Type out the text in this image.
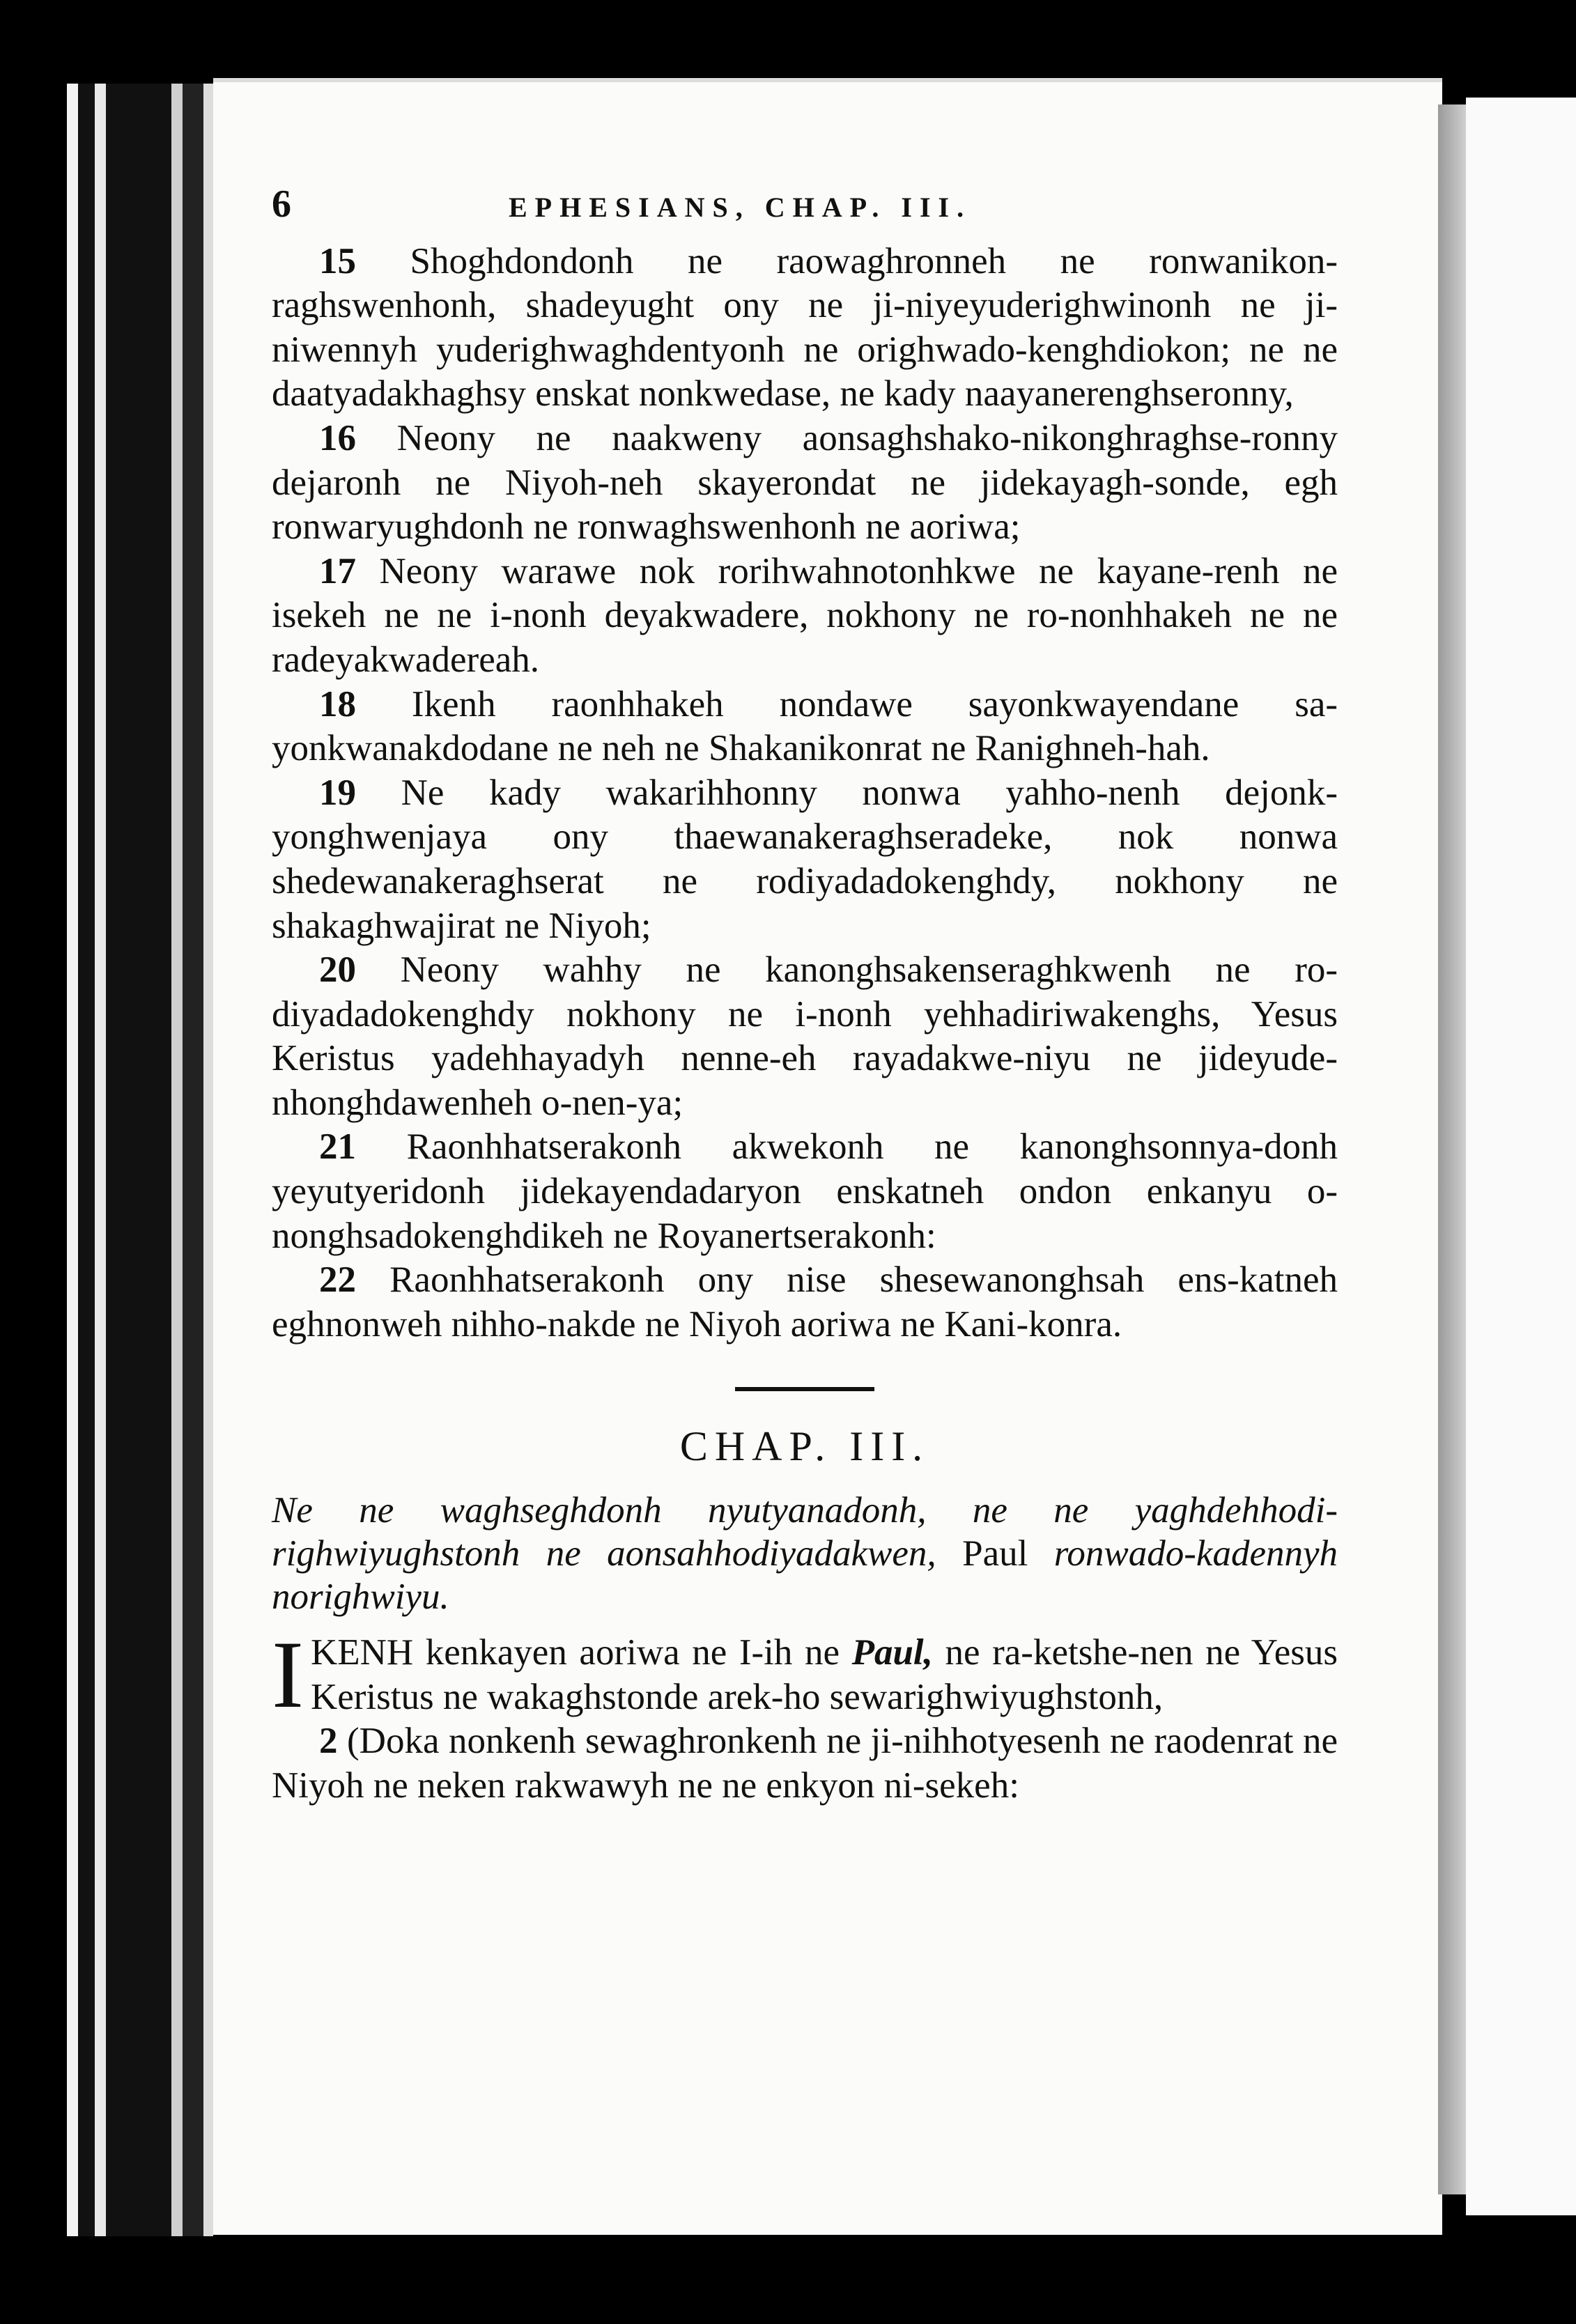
6	EPHESIANS, CHAP. III.

15 Shoghdondonh ne raowaghronneh ne ronwanikon-raghswenhonh, shadeyught ony ne ji-niyeyuderighwinonh ne ji-niwennyh yuderighwaghdentyonh ne orighwado-kenghdiokon; ne ne daatyadakhaghsy enskat nonkwedase, ne kady naayanerenghseronny,

16 Neony ne naakweny aonsaghshako-nikonghraghse-ronny dejaronh ne Niyoh-neh skayerondat ne jidekayagh-sonde, egh ronwaryughdonh ne ronwaghswenhonh ne aoriwa;

17 Neony warawe nok rorihwahnotonhkwe ne kayane-renh ne isekeh ne ne i-nonh deyakwadere, nokhony ne ro-nonhhakeh ne ne radeyakwadereah.

18 Ikenh raonhhakeh nondawe sayonkwayendane sa-yonkwanakdodane ne neh ne Shakanikonrat ne Ranighneh-hah.

19 Ne kady wakarihhonny nonwa yahho-nenh dejonk-yonghwenjaya ony thaewanakeraghseradeke, nok nonwa shedewanakeraghserat ne rodiyadadokenghdy, nokhony ne shakaghwajirat ne Niyoh;

20 Neony wahhy ne kanonghsakenseraghkwenh ne ro-diyadadokenghdy nokhony ne i-nonh yehhadiriwakenghs, Yesus Keristus yadehhayadyh nenne-eh rayadakwe-niyu ne jideyude-nhonghdawenheh o-nen-ya;

21 Raonhhatserakonh akwekonh ne kanonghsonnya-donh yeyutyeridonh jidekayendadaryon enskatneh ondon enkanyu o-nonghsadokenghdikeh ne Royanertserakonh:

22 Raonhhatserakonh ony nise shesewanonghsah ens-katneh eghnonweh nihho-nakde ne Niyoh aoriwa ne Kani-konra.

CHAP. III.

Ne ne waghseghdonh nyutyanadonh, ne ne yaghdehhodi-righwiyughstonh ne aonsahhodiyadakwen, Paul ronwado-kadennyh norighwiyu.

IKENH kenkayen aoriwa ne I-ih ne Paul, ne ra-ketshe-nen ne Yesus Keristus ne wakaghstonde arek-ho sewarighwiyughstonh,

2 (Doka nonkenh sewaghronkenh ne ji-nihhotyesenh ne raodenrat ne Niyoh ne neken rakwawyh ne ne enkyon ni-sekeh:
